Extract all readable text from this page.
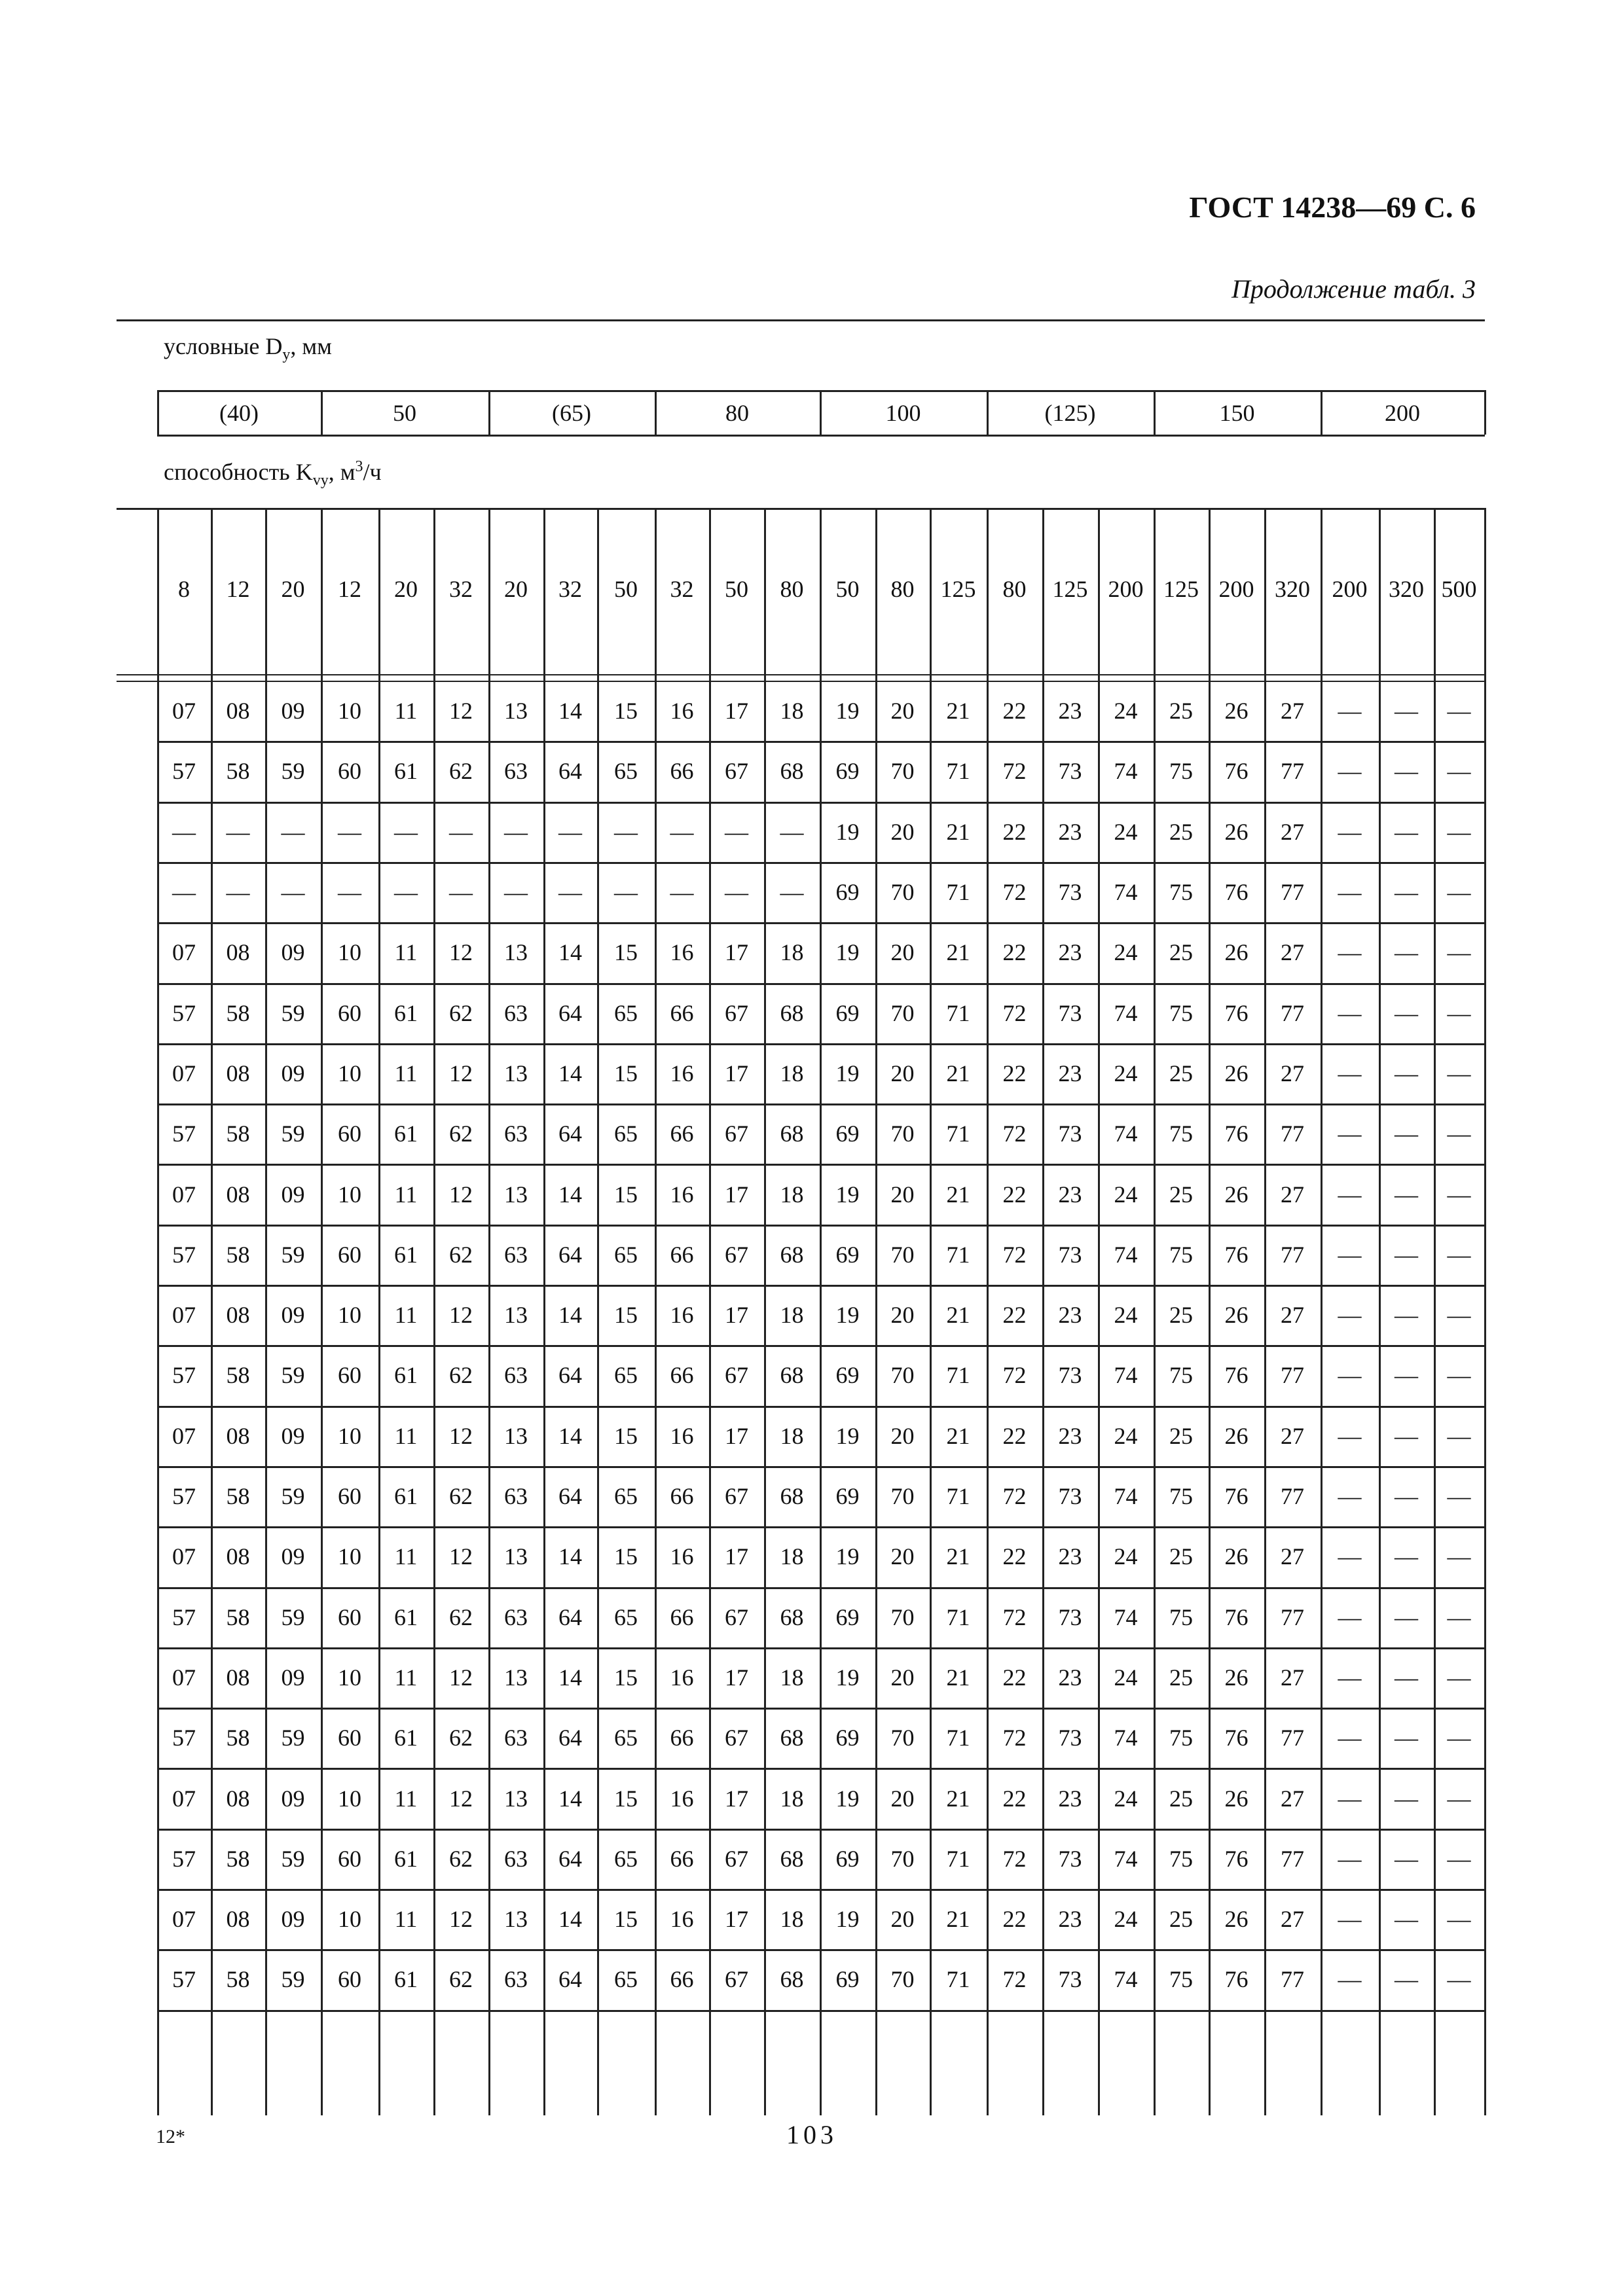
ГОСТ 14238—69 С. 6
Продолжение табл. 3
условные $D_у$, мм
способность $K_{vy}$, $м^3/ч$
(40)	50	(65)	80	100	(125)	150	200
8 12 20 12 20 32 20 32 50 32 50 80 50 80 125 80 125 200 125 200 320 200 320 500
07 08 09 10 11 12 13 14 15 16 17 18 19 20 21 22 23 24 25 26 27 — — —
57 58 59 60 61 62 63 64 65 66 67 68 69 70 71 72 73 74 75 76 77 — — —
— — — — — — — — — — — — 19 20 21 22 23 24 25 26 27 — — —
— — — — — — — — — — — — 69 70 71 72 73 74 75 76 77 — — —
07 08 09 10 11 12 13 14 15 16 17 18 19 20 21 22 23 24 25 26 27 — — —
57 58 59 60 61 62 63 64 65 66 67 68 69 70 71 72 73 74 75 76 77 — — —
07 08 09 10 11 12 13 14 15 16 17 18 19 20 21 22 23 24 25 26 27 — — —
57 58 59 60 61 62 63 64 65 66 67 68 69 70 71 72 73 74 75 76 77 — — —
07 08 09 10 11 12 13 14 15 16 17 18 19 20 21 22 23 24 25 26 27 — — —
57 58 59 60 61 62 63 64 65 66 67 68 69 70 71 72 73 74 75 76 77 — — —
07 08 09 10 11 12 13 14 15 16 17 18 19 20 21 22 23 24 25 26 27 — — —
57 58 59 60 61 62 63 64 65 66 67 68 69 70 71 72 73 74 75 76 77 — — —
07 08 09 10 11 12 13 14 15 16 17 18 19 20 21 22 23 24 25 26 27 — — —
57 58 59 60 61 62 63 64 65 66 67 68 69 70 71 72 73 74 75 76 77 — — —
07 08 09 10 11 12 13 14 15 16 17 18 19 20 21 22 23 24 25 26 27 — — —
57 58 59 60 61 62 63 64 65 66 67 68 69 70 71 72 73 74 75 76 77 — — —
07 08 09 10 11 12 13 14 15 16 17 18 19 20 21 22 23 24 25 26 27 — — —
57 58 59 60 61 62 63 64 65 66 67 68 69 70 71 72 73 74 75 76 77 — — —
07 08 09 10 11 12 13 14 15 16 17 18 19 20 21 22 23 24 25 26 27 — — —
57 58 59 60 61 62 63 64 65 66 67 68 69 70 71 72 73 74 75 76 77 — — —
07 08 09 10 11 12 13 14 15 16 17 18 19 20 21 22 23 24 25 26 27 — — —
57 58 59 60 61 62 63 64 65 66 67 68 69 70 71 72 73 74 75 76 77 — — —
12*	103
